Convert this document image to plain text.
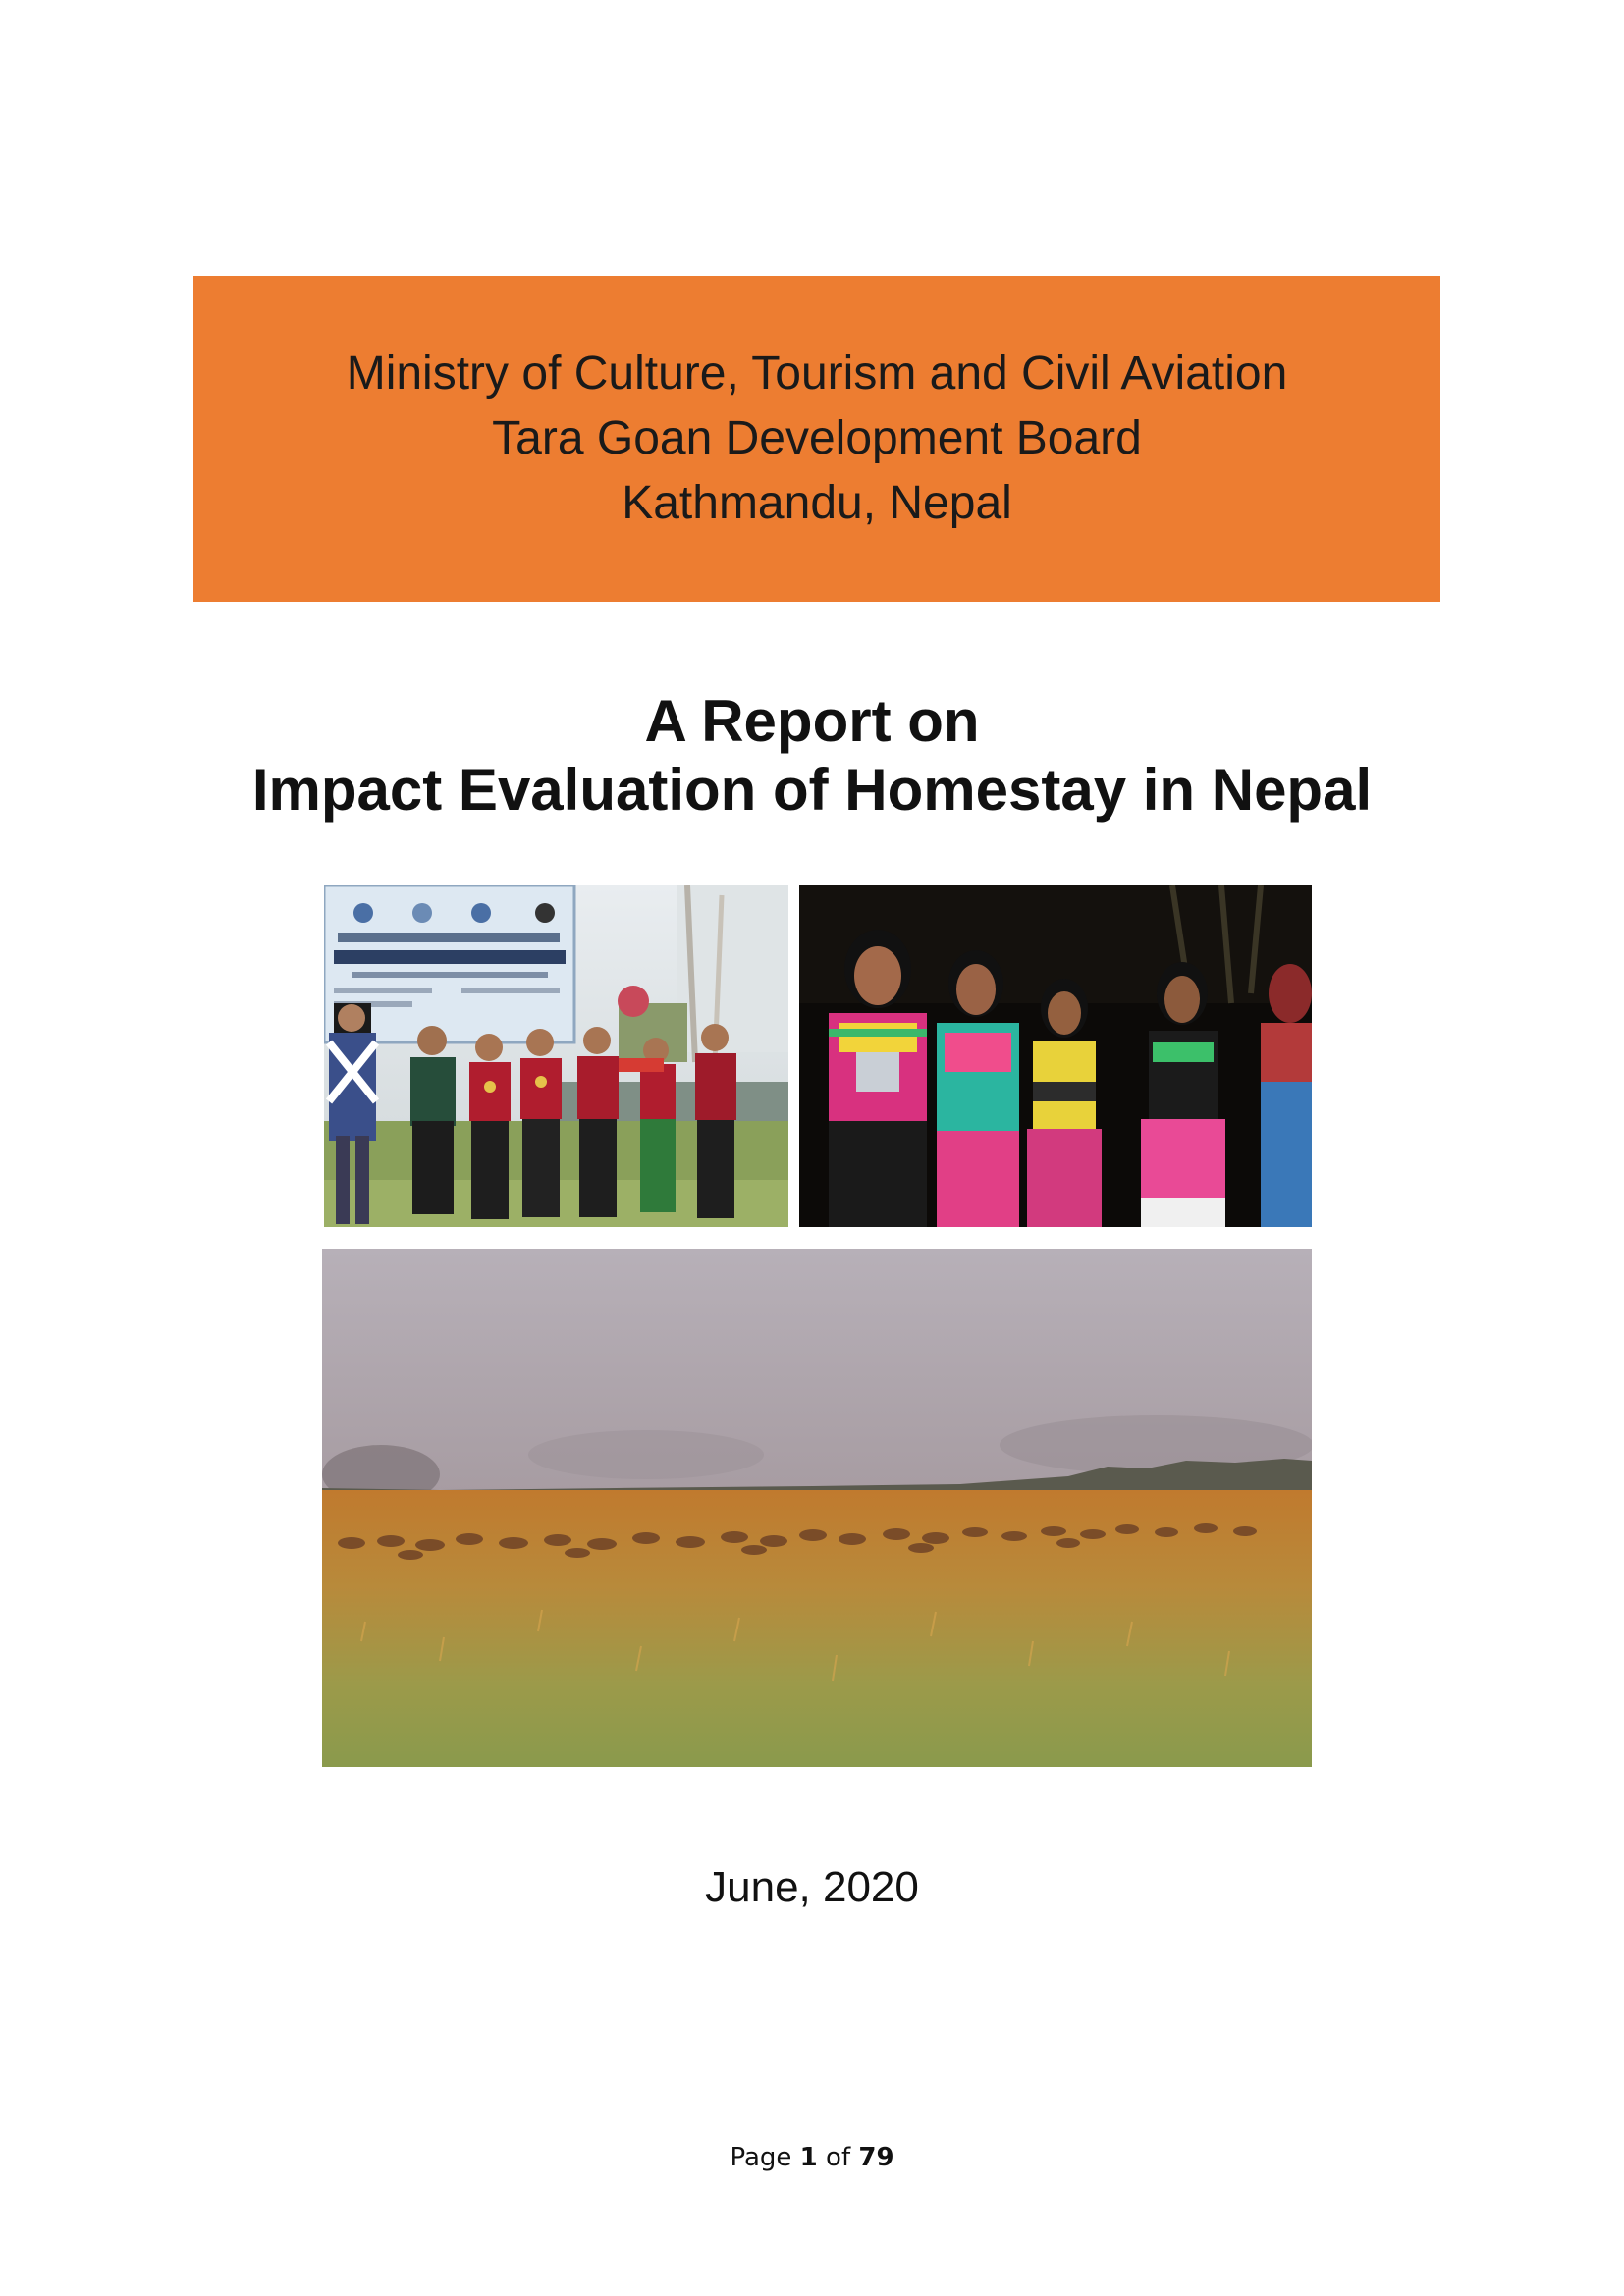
Ministry of Culture, Tourism and Civil Aviation
Tara Goan Development Board
Kathmandu, Nepal
A Report on
Impact Evaluation of Homestay in Nepal
June, 2020
Page 1 of 79
